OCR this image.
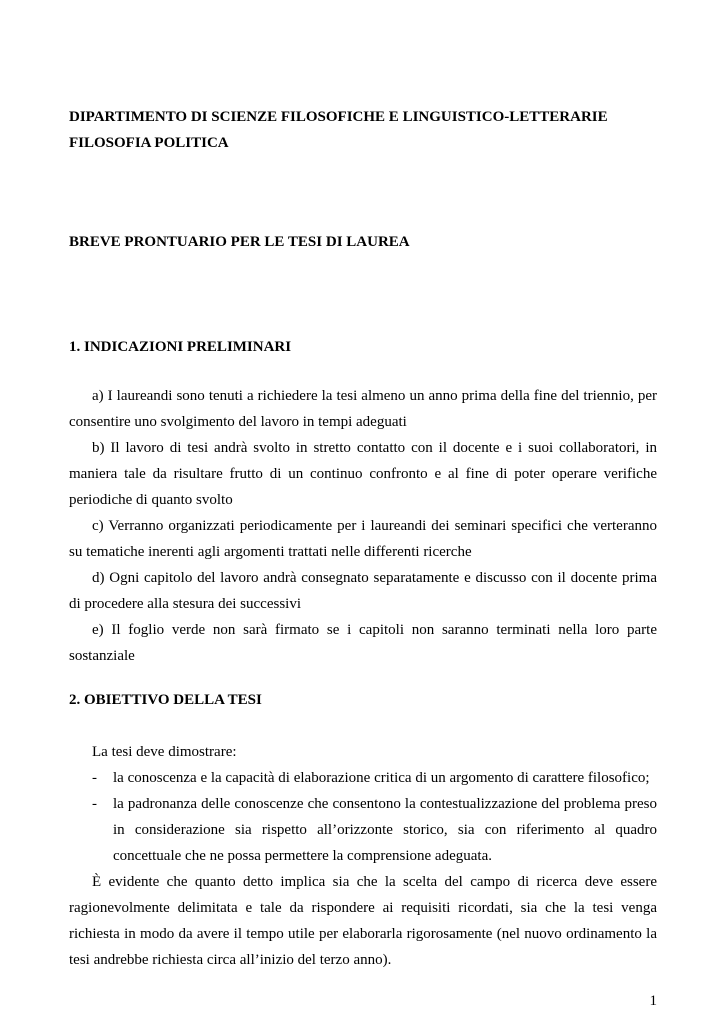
DIPARTIMENTO DI SCIENZE FILOSOFICHE E LINGUISTICO-LETTERARIE

FILOSOFIA POLITICA

BREVE PRONTUARIO PER LE TESI DI LAUREA

1. INDICAZIONI PRELIMINARI

a) I laureandi sono tenuti a richiedere la tesi almeno un anno prima della fine del triennio, per consentire uno svolgimento del lavoro in tempi adeguati

b) Il lavoro di tesi andrà svolto in stretto contatto con il docente e i suoi collaboratori, in maniera tale da risultare frutto di un continuo confronto e al fine di poter operare verifiche periodiche di quanto svolto

c) Verranno organizzati periodicamente per i laureandi dei seminari specifici che verteranno su tematiche inerenti agli argomenti trattati nelle differenti ricerche

d) Ogni capitolo del lavoro andrà consegnato separatamente e discusso con il docente prima di procedere alla stesura dei successivi

e) Il foglio verde non sarà firmato se i capitoli non saranno terminati nella loro parte sostanziale

2. OBIETTIVO DELLA TESI

La tesi deve dimostrare:

-	la conoscenza e la capacità di elaborazione critica di un argomento di carattere filosofico;
-	la padronanza delle conoscenze che consentono la contestualizzazione del problema preso in considerazione sia rispetto all’orizzonte storico, sia con riferimento al quadro concettuale che ne possa permettere la comprensione adeguata.

È evidente che quanto detto implica sia che la scelta del campo di ricerca deve essere ragionevolmente delimitata e tale da rispondere ai requisiti ricordati, sia che la tesi venga richiesta in modo da avere il tempo utile per elaborarla rigorosamente (nel nuovo ordinamento la tesi andrebbe richiesta circa all’inizio del terzo anno).

1
